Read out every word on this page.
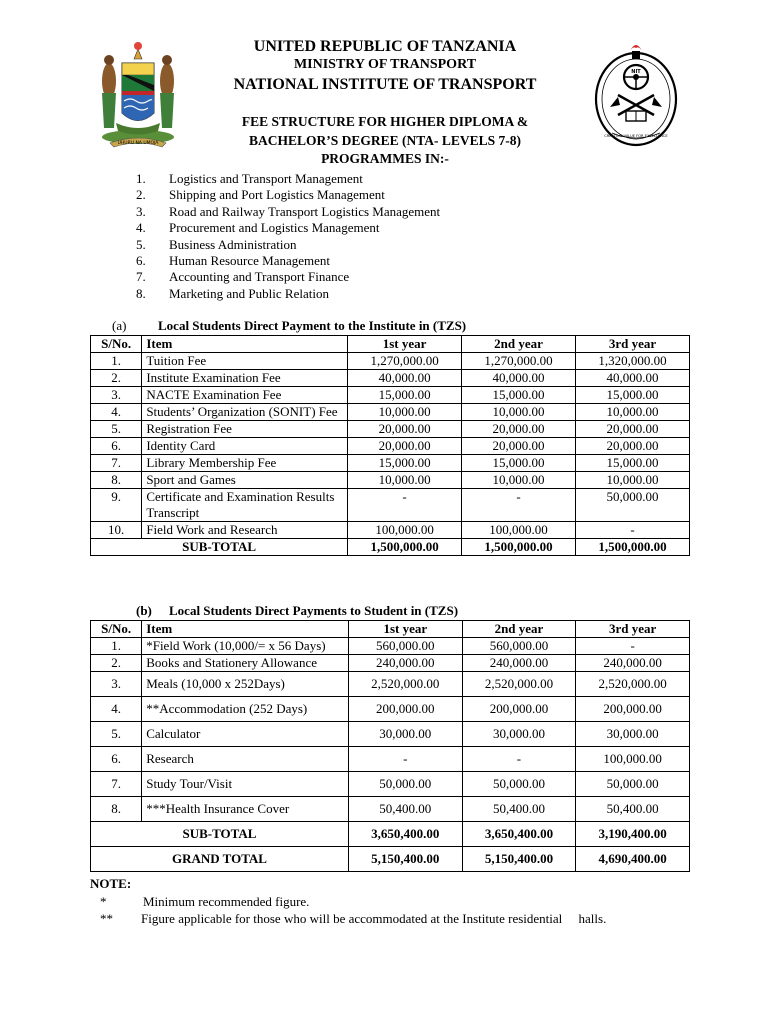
UHURU NA UMOJA
NIT
CREATING VALUE FOR EXCELLENCE
UNITED REPUBLIC OF TANZANIA
MINISTRY OF TRANSPORT
NATIONAL INSTITUTE OF TRANSPORT
FEE STRUCTURE FOR HIGHER DIPLOMA &
BACHELOR’S DEGREE (NTA- LEVELS 7-8)
PROGRAMMES IN:-
1. Logistics and Transport Management
2. Shipping and Port Logistics Management
3. Road and Railway Transport Logistics Management
4. Procurement and Logistics Management
5. Business Administration
6. Human Resource Management
7. Accounting and Transport Finance
8. Marketing and Public Relation
(a) Local Students Direct Payment to the Institute in (TZS)
S/No.	Item	1st year	2nd year	3rd year
1.	Tuition Fee	1,270,000.00	1,270,000.00	1,320,000.00
2.	Institute Examination Fee	40,000.00	40,000.00	40,000.00
3.	NACTE Examination Fee	15,000.00	15,000.00	15,000.00
4.	Students’ Organization (SONIT) Fee	10,000.00	10,000.00	10,000.00
5.	Registration Fee	20,000.00	20,000.00	20,000.00
6.	Identity Card	20,000.00	20,000.00	20,000.00
7.	Library Membership Fee	15,000.00	15,000.00	15,000.00
8.	Sport and Games	10,000.00	10,000.00	10,000.00
9.	Certificate and Examination Results Transcript	-	-	50,000.00
10.	Field Work and Research	100,000.00	100,000.00	-
SUB-TOTAL		1,500,000.00	1,500,000.00	1,500,000.00
(b) Local Students Direct Payments to Student in (TZS)
S/No.	Item	1st year	2nd year	3rd year
1.	*Field Work (10,000/= x 56 Days)	560,000.00	560,000.00	-
2.	Books and Stationery Allowance	240,000.00	240,000.00	240,000.00
3.	Meals (10,000 x 252Days)	2,520,000.00	2,520,000.00	2,520,000.00
4.	**Accommodation (252 Days)	200,000.00	200,000.00	200,000.00
5.	Calculator	30,000.00	30,000.00	30,000.00
6.	Research	-	-	100,000.00
7.	Study Tour/Visit	50,000.00	50,000.00	50,000.00
8.	***Health Insurance Cover	50,400.00	50,400.00	50,400.00
SUB-TOTAL		3,650,400.00	3,650,400.00	3,190,400.00
GRAND TOTAL		5,150,400.00	5,150,400.00	4,690,400.00
NOTE:
*	Minimum recommended figure.
** Figure applicable for those who will be accommodated at the Institute residential     halls.
